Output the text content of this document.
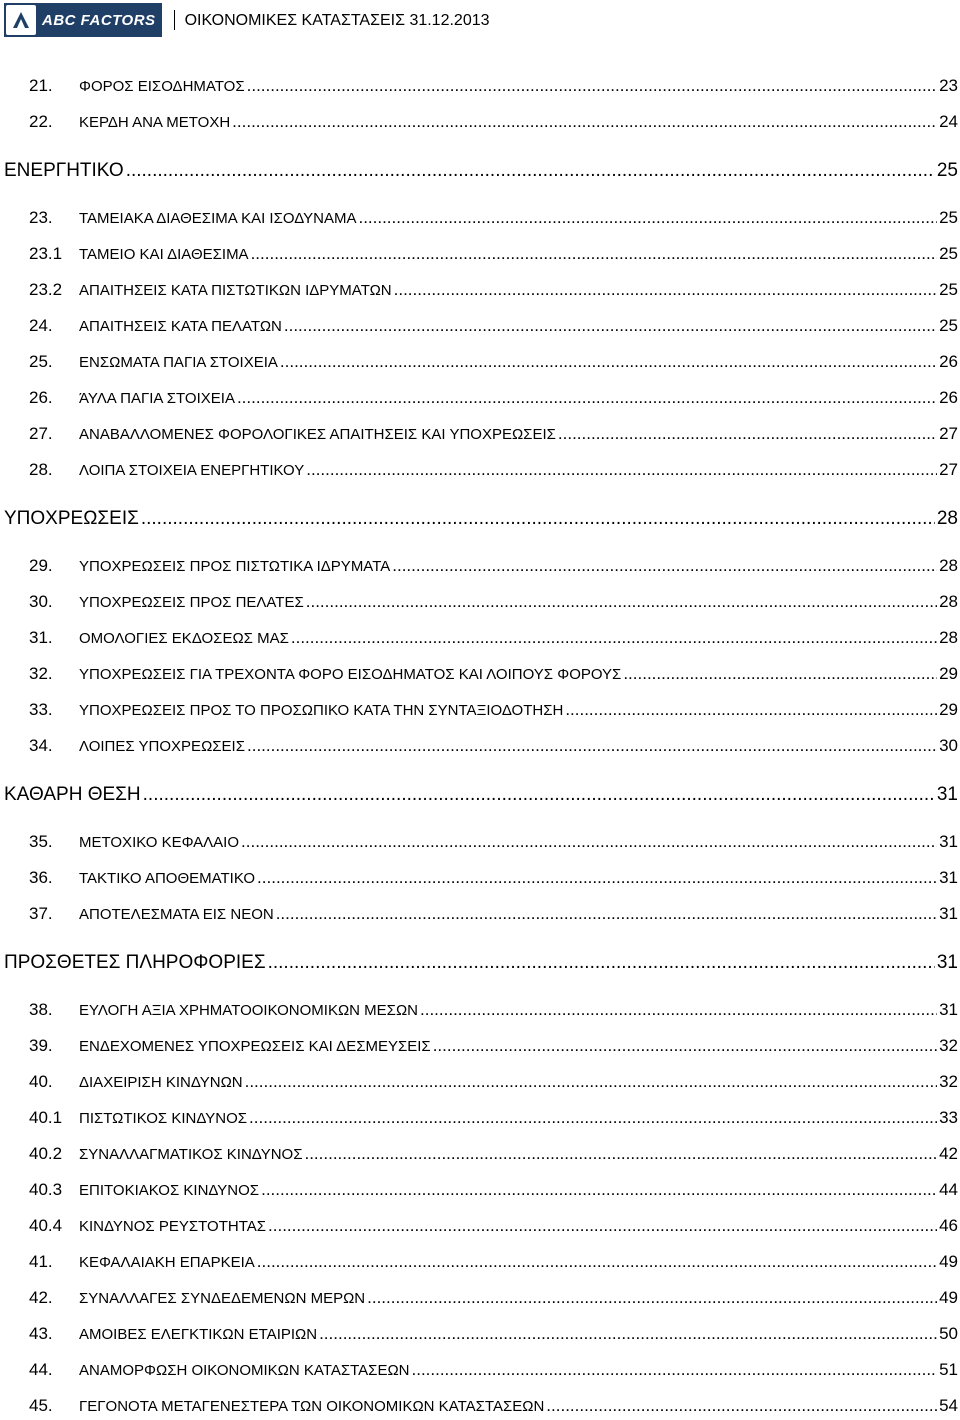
ABC FACTORS ΟΙΚΟΝΟΜΙΚΕΣ ΚΑΤΑΣΤΑΣΕΙΣ 31.12.2013
21.	ΦΟΡΟΣ ΕΙΣΟΔΗΜΑΤΟΣ .....	23
22.	ΚΕΡΔΗ ΑΝΑ ΜΕΤΟΧΗ .....	24
ΕΝΕΡΓΗΤΙΚΟ .....	25
23.	ΤΑΜΕΙΑΚΑ ΔΙΑΘΕΣΙΜΑ ΚΑΙ ΙΣΟΔΥΝΑΜΑ .....	25
23.1	ΤΑΜΕΙΟ ΚΑΙ ΔΙΑΘΕΣΙΜΑ .....	25
23.2	ΑΠΑΙΤΗΣΕΙΣ ΚΑΤΑ ΠΙΣΤΩΤΙΚΩΝ ΙΔΡΥΜΑΤΩΝ .....	25
24.	ΑΠΑΙΤΗΣΕΙΣ ΚΑΤΑ ΠΕΛΑΤΩΝ .....	25
25.	ΕΝΣΩΜΑΤΑ ΠΑΓΙΑ ΣΤΟΙΧΕΙΑ .....	26
26.	ΆΥΛΑ ΠΑΓΙΑ ΣΤΟΙΧΕΙΑ .....	26
27.	ΑΝΑΒΑΛΛΟΜΕΝΕΣ ΦΟΡΟΛΟΓΙΚΕΣ ΑΠΑΙΤΗΣΕΙΣ ΚΑΙ ΥΠΟΧΡΕΩΣΕΙΣ .....	27
28.	ΛΟΙΠΑ ΣΤΟΙΧΕΙΑ ΕΝΕΡΓΗΤΙΚΟΥ .....	27
ΥΠΟΧΡΕΩΣΕΙΣ .....	28
29.	ΥΠΟΧΡΕΩΣΕΙΣ ΠΡΟΣ ΠΙΣΤΩΤΙΚΑ ΙΔΡΥΜΑΤΑ .....	28
30.	ΥΠΟΧΡΕΩΣΕΙΣ ΠΡΟΣ ΠΕΛΑΤΕΣ .....	28
31.	ΟΜΟΛΟΓΙΕΣ ΕΚΔΟΣΕΩΣ ΜΑΣ .....	28
32.	ΥΠΟΧΡΕΩΣΕΙΣ ΓΙΑ ΤΡΕΧΟΝΤΑ ΦΟΡΟ ΕΙΣΟΔΗΜΑΤΟΣ ΚΑΙ ΛΟΙΠΟΥΣ ΦΟΡΟΥΣ .....	29
33.	ΥΠΟΧΡΕΩΣΕΙΣ ΠΡΟΣ ΤΟ ΠΡΟΣΩΠΙΚΟ ΚΑΤΑ ΤΗΝ ΣΥΝΤΑΞΙΟΔΟΤΗΣΗ .....	29
34.	ΛΟΙΠΕΣ ΥΠΟΧΡΕΩΣΕΙΣ .....	30
ΚΑΘΑΡΗ ΘΕΣΗ .....	31
35.	ΜΕΤΟΧΙΚΟ ΚΕΦΑΛΑΙΟ .....	31
36.	ΤΑΚΤΙΚΟ ΑΠΟΘΕΜΑΤΙΚΟ .....	31
37.	ΑΠΟΤΕΛΕΣΜΑΤΑ ΕΙΣ ΝΕΟΝ .....	31
ΠΡΟΣΘΕΤΕΣ ΠΛΗΡΟΦΟΡΙΕΣ .....	31
38.	ΕΥΛΟΓΗ ΑΞΙΑ ΧΡΗΜΑΤΟΟΙΚΟΝΟΜΙΚΩΝ ΜΕΣΩΝ .....	31
39.	ΕΝΔΕΧΟΜΕΝΕΣ ΥΠΟΧΡΕΩΣΕΙΣ ΚΑΙ ΔΕΣΜΕΥΣΕΙΣ .....	32
40.	ΔΙΑΧΕΙΡΙΣΗ ΚΙΝΔΥΝΩΝ .....	32
40.1	ΠΙΣΤΩΤΙΚΟΣ ΚΙΝΔΥΝΟΣ .....	33
40.2	ΣΥΝΑΛΛΑΓΜΑΤΙΚΟΣ ΚΙΝΔΥΝΟΣ .....	42
40.3	ΕΠΙΤΟΚΙΑΚΟΣ ΚΙΝΔΥΝΟΣ .....	44
40.4	ΚΙΝΔΥΝΟΣ ΡΕΥΣΤΟΤΗΤΑΣ .....	46
41.	ΚΕΦΑΛΑΙΑΚΗ ΕΠΑΡΚΕΙΑ .....	49
42.	ΣΥΝΑΛΛΑΓΕΣ ΣΥΝΔΕΔΕΜΕΝΩΝ ΜΕΡΩΝ .....	49
43.	ΑΜΟΙΒΕΣ ΕΛΕΓΚΤΙΚΩΝ ΕΤΑΙΡΙΩΝ .....	50
44.	ΑΝΑΜΟΡΦΩΣΗ ΟΙΚΟΝΟΜΙΚΩΝ ΚΑΤΑΣΤΑΣΕΩΝ .....	51
45.	ΓΕΓΟΝΟΤΑ ΜΕΤΑΓΕΝΕΣΤΕΡΑ ΤΩΝ ΟΙΚΟΝΟΜΙΚΩΝ ΚΑΤΑΣΤΑΣΕΩΝ .....	54
